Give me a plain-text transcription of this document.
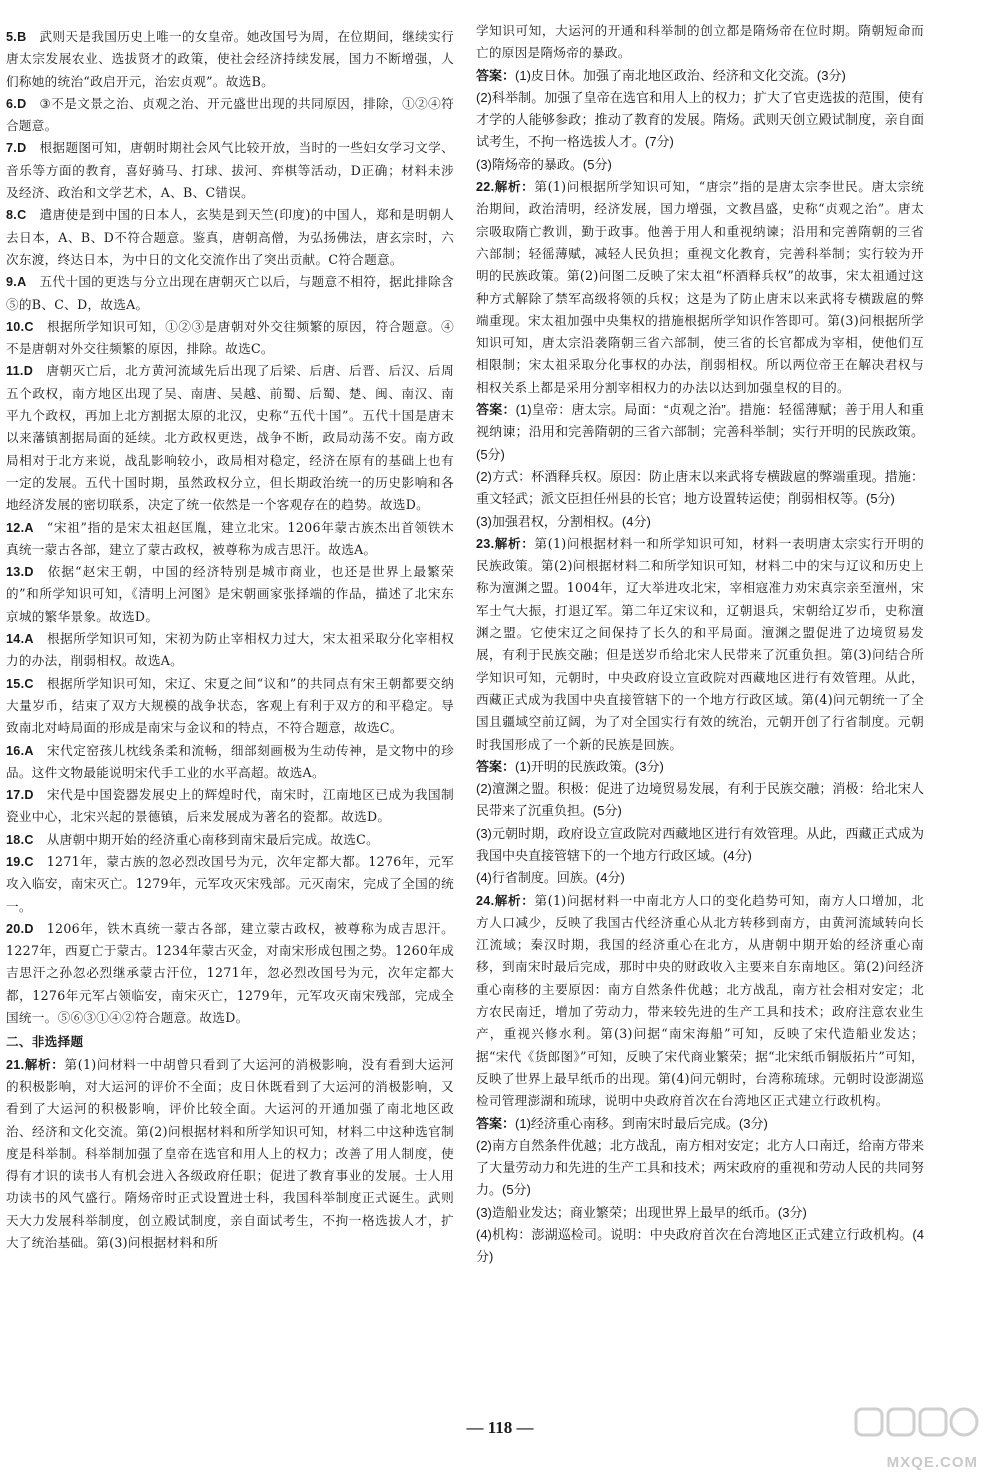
5.B  武则天是我国历史上唯一的女皇帝。她改国号为周，在位期间，继续实行唐太宗发展农业、选拔贤才的政策，使社会经济持续发展，国力不断增强，人们称她的统治“政启开元，治宏贞观”。故选B。
6.D  ③不是文景之治、贞观之治、开元盛世出现的共同原因，排除，①②④符合题意。
7.D  根据题图可知，唐朝时期社会风气比较开放，当时的一些妇女学习文学、音乐等方面的教育，喜好骑马、打球、拔河、弈棋等活动，D正确；材料未涉及经济、政治和文学艺术，A、B、C错误。
8.C  遣唐使是到中国的日本人，玄奘是到天竺(印度)的中国人，郑和是明朝人去日本，A、B、D不符合题意。鉴真，唐朝高僧，为弘扬佛法，唐玄宗时，六次东渡，终达日本，为中日的文化交流作出了突出贡献。C符合题意。
9.A  五代十国的更迭与分立出现在唐朝灭亡以后，与题意不相符，据此排除含⑤的B、C、D，故选A。
10.C  根据所学知识可知，①②③是唐朝对外交往频繁的原因，符合题意。④不是唐朝对外交往频繁的原因，排除。故选C。
11.D  唐朝灭亡后，北方黄河流域先后出现了后梁、后唐、后晋、后汉、后周五个政权，南方地区出现了吴、南唐、吴越、前蜀、后蜀、楚、闽、南汉、南平九个政权，再加上北方割据太原的北汉，史称“五代十国”。五代十国是唐末以来藩镇割据局面的延续。北方政权更迭，战争不断，政局动荡不安。南方政局相对于北方来说，战乱影响较小，政局相对稳定，经济在原有的基础上也有一定的发展。五代十国时期，虽然政权分立，但长期政治统一的历史影响和各地经济发展的密切联系，决定了统一依然是一个客观存在的趋势。故选D。
12.A  “宋祖”指的是宋太祖赵匡胤，建立北宋。1206年蒙古族杰出首领铁木真统一蒙古各部，建立了蒙古政权，被尊称为成吉思汗。故选A。
13.D  依据“赵宋王朝，中国的经济特别是城市商业，也还是世界上最繁荣的”和所学知识可知，《清明上河图》是宋朝画家张择端的作品，描述了北宋东京城的繁华景象。故选D。
14.A  根据所学知识可知，宋初为防止宰相权力过大，宋太祖采取分化宰相权力的办法，削弱相权。故选A。
15.C  根据所学知识可知，宋辽、宋夏之间“议和”的共同点有宋王朝都要交纳大量岁币，结束了双方大规模的战争状态，客观上有利于双方的和平稳定。导致南北对峙局面的形成是南宋与金议和的特点，不符合题意，故选C。
16.A  宋代定窑孩儿枕线条柔和流畅，细部刻画极为生动传神，是文物中的珍品。这件文物最能说明宋代手工业的水平高超。故选A。
17.D  宋代是中国瓷器发展史上的辉煌时代，南宋时，江南地区已成为我国制瓷业中心，北宋兴起的景德镇，后来发展成为著名的瓷都。故选D。
18.C  从唐朝中期开始的经济重心南移到南宋最后完成。故选C。
19.C  1271年，蒙古族的忽必烈改国号为元，次年定都大都。1276年，元军攻入临安，南宋灭亡。1279年，元军攻灭宋残部。元灭南宋，完成了全国的统一。
20.D  1206年，铁木真统一蒙古各部，建立蒙古政权，被尊称为成吉思汗。1227年，西夏亡于蒙古。1234年蒙古灭金，对南宋形成包围之势。1260年成吉思汗之孙忽必烈继承蒙古汗位，1271年，忽必烈改国号为元，次年定都大都，1276年元军占领临安，南宋灭亡，1279年，元军攻灭南宋残部，完成全国统一。⑤⑥③①④②符合题意。故选D。

二、非选择题

21.解析：第(1)问材料一中胡曾只看到了大运河的消极影响，没有看到大运河的积极影响，对大运河的评价不全面；皮日休既看到了大运河的消极影响，又看到了大运河的积极影响，评价比较全面。大运河的开通加强了南北地区政治、经济和文化交流。第(2)问根据材料和所学知识可知，材料二中这种选官制度是科举制。科举制加强了皇帝在选官和用人上的权力；改善了用人制度，使得有才识的读书人有机会进入各级政府任职；促进了教育事业的发展。士人用功读书的风气盛行。隋炀帝时正式设置进士科，我国科举制度正式诞生。武则天大力发展科举制度，创立殿试制度，亲自面试考生，不拘一格选拔人才，扩大了统治基础。第(3)问根据材料和所
学知识可知，大运河的开通和科举制的创立都是隋炀帝在位时期。隋朝短命而亡的原因是隋炀帝的暴政。
答案：(1)皮日休。加强了南北地区政治、经济和文化交流。(3分)
(2)科举制。加强了皇帝在选官和用人上的权力；扩大了官吏选拔的范围，使有才学的人能够参政；推动了教育的发展。隋炀。武则天创立殿试制度，亲自面试考生，不拘一格选拔人才。(7分)
(3)隋炀帝的暴政。(5分)
22.解析：第(1)问根据所学知识可知，“唐宗”指的是唐太宗李世民。唐太宗统治期间，政治清明，经济发展，国力增强，文教昌盛，史称“贞观之治”。唐太宗吸取隋亡教训，勤于政事。他善于用人和重视纳谏；沿用和完善隋朝的三省六部制；轻徭薄赋，减轻人民负担；重视文化教育，完善科举制；实行较为开明的民族政策。第(2)问图二反映了宋太祖“杯酒释兵权”的故事，宋太祖通过这种方式解除了禁军高级将领的兵权；这是为了防止唐末以来武将专横跋扈的弊端重现。宋太祖加强中央集权的措施根据所学知识作答即可。第(3)问根据所学知识可知，唐太宗沿袭隋朝三省六部制，使三省的长官都成为宰相，使他们互相限制；宋太祖采取分化事权的办法，削弱相权。所以两位帝王在解决君权与相权关系上都是采用分割宰相权力的办法以达到加强皇权的目的。
答案：(1)皇帝：唐太宗。局面：“贞观之治”。措施：轻徭薄赋；善于用人和重视纳谏；沿用和完善隋朝的三省六部制；完善科举制；实行开明的民族政策。(5分)
(2)方式：杯酒释兵权。原因：防止唐末以来武将专横跋扈的弊端重现。措施：重文轻武；派文臣担任州县的长官；地方设置转运使；削弱相权等。(5分)
(3)加强君权，分割相权。(4分)
23.解析：第(1)问根据材料一和所学知识可知，材料一表明唐太宗实行开明的民族政策。第(2)问根据材料二和所学知识可知，材料二中的宋与辽议和历史上称为澶渊之盟。1004年，辽大举进攻北宋，宰相寇准力劝宋真宗亲至澶州，宋军士气大振，打退辽军。第二年辽宋议和，辽朝退兵，宋朝给辽岁币，史称澶渊之盟。它使宋辽之间保持了长久的和平局面。澶渊之盟促进了边境贸易发展，有利于民族交融；但是送岁币给北宋人民带来了沉重负担。第(3)问结合所学知识可知，元朝时，中央政府设立宣政院对西藏地区进行有效管理。从此，西藏正式成为我国中央直接管辖下的一个地方行政区域。第(4)问元朝统一了全国且疆域空前辽阔，为了对全国实行有效的统治，元朝开创了行省制度。元朝时我国形成了一个新的民族是回族。
答案：(1)开明的民族政策。(3分)
(2)澶渊之盟。积极：促进了边境贸易发展，有利于民族交融；消极：给北宋人民带来了沉重负担。(5分)
(3)元朝时期，政府设立宣政院对西藏地区进行有效管理。从此，西藏正式成为我国中央直接管辖下的一个地方行政区域。(4分)
(4)行省制度。回族。(4分)
24.解析：第(1)问据材料一中南北方人口的变化趋势可知，南方人口增加，北方人口减少，反映了我国古代经济重心从北方转移到南方，由黄河流域转向长江流域；秦汉时期，我国的经济重心在北方，从唐朝中期开始的经济重心南移，到南宋时最后完成，那时中央的财政收入主要来自东南地区。第(2)问经济重心南移的主要原因：南方自然条件优越；北方战乱，南方社会相对安定；北方农民南迁，增加了劳动力，带来较先进的生产工具和技术；政府注意农业生产，重视兴修水利。第(3)问据“南宋海船”可知，反映了宋代造船业发达；据“宋代《货郎图》”可知，反映了宋代商业繁荣；据“北宋纸币铜版拓片”可知，反映了世界上最早纸币的出现。第(4)问元朝时，台湾称琉球。元朝时设澎湖巡检司管理澎湖和琉球，说明中央政府首次在台湾地区正式建立行政机构。
答案：(1)经济重心南移。到南宋时最后完成。(3分)
(2)南方自然条件优越；北方战乱，南方相对安定；北方人口南迁，给南方带来了大量劳动力和先进的生产工具和技术；两宋政府的重视和劳动人民的共同努力。(5分)
(3)造船业发达；商业繁荣；出现世界上最早的纸币。(3分)
(4)机构：澎湖巡检司。说明：中央政府首次在台湾地区正式建立行政机构。(4分)
— 118 —
MXQE.COM
